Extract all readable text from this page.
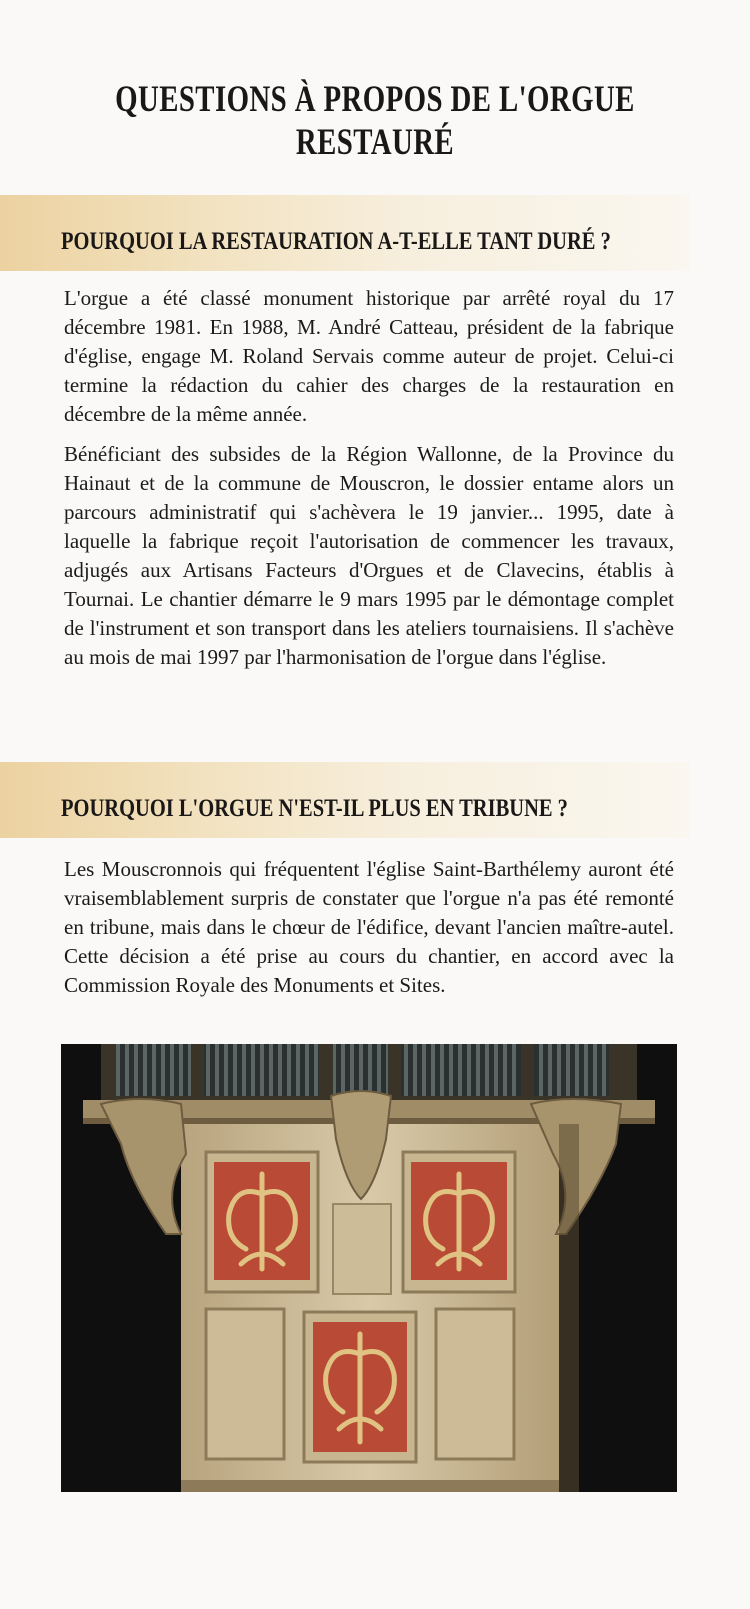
QUESTIONS À PROPOS DE L'ORGUE RESTAURÉ
POURQUOI LA RESTAURATION A-T-ELLE TANT DURÉ ?

L'orgue a été classé monument historique par arrêté royal du 17 décembre 1981. En 1988, M. André Catteau, président de la fabrique d'église, engage M. Roland Servais comme auteur de projet. Celui-ci termine la rédaction du cahier des charges de la restauration en décembre de la même année.

Bénéficiant des subsides de la Région Wallonne, de la Province du Hainaut et de la commune de Mouscron, le dossier entame alors un parcours administratif qui s'achèvera le 19 janvier... 1995, date à laquelle la fabrique reçoit l'autorisation de commencer les travaux, adjugés aux Artisans Facteurs d'Orgues et de Clavecins, établis à Tournai. Le chantier démarre le 9 mars 1995 par le démontage complet de l'instrument et son transport dans les ateliers tournaisiens. Il s'achève au mois de mai 1997 par l'harmonisation de l'orgue dans l'église.

POURQUOI L'ORGUE N'EST-IL PLUS EN TRIBUNE ?

Les Mouscronnois qui fréquentent l'église Saint-Barthélemy auront été vraisemblablement surpris de constater que l'orgue n'a pas été remonté en tribune, mais dans le chœur de l'édifice, devant l'ancien maître-autel. Cette décision a été prise au cours du chantier, en accord avec la Commission Royale des Monuments et Sites.
